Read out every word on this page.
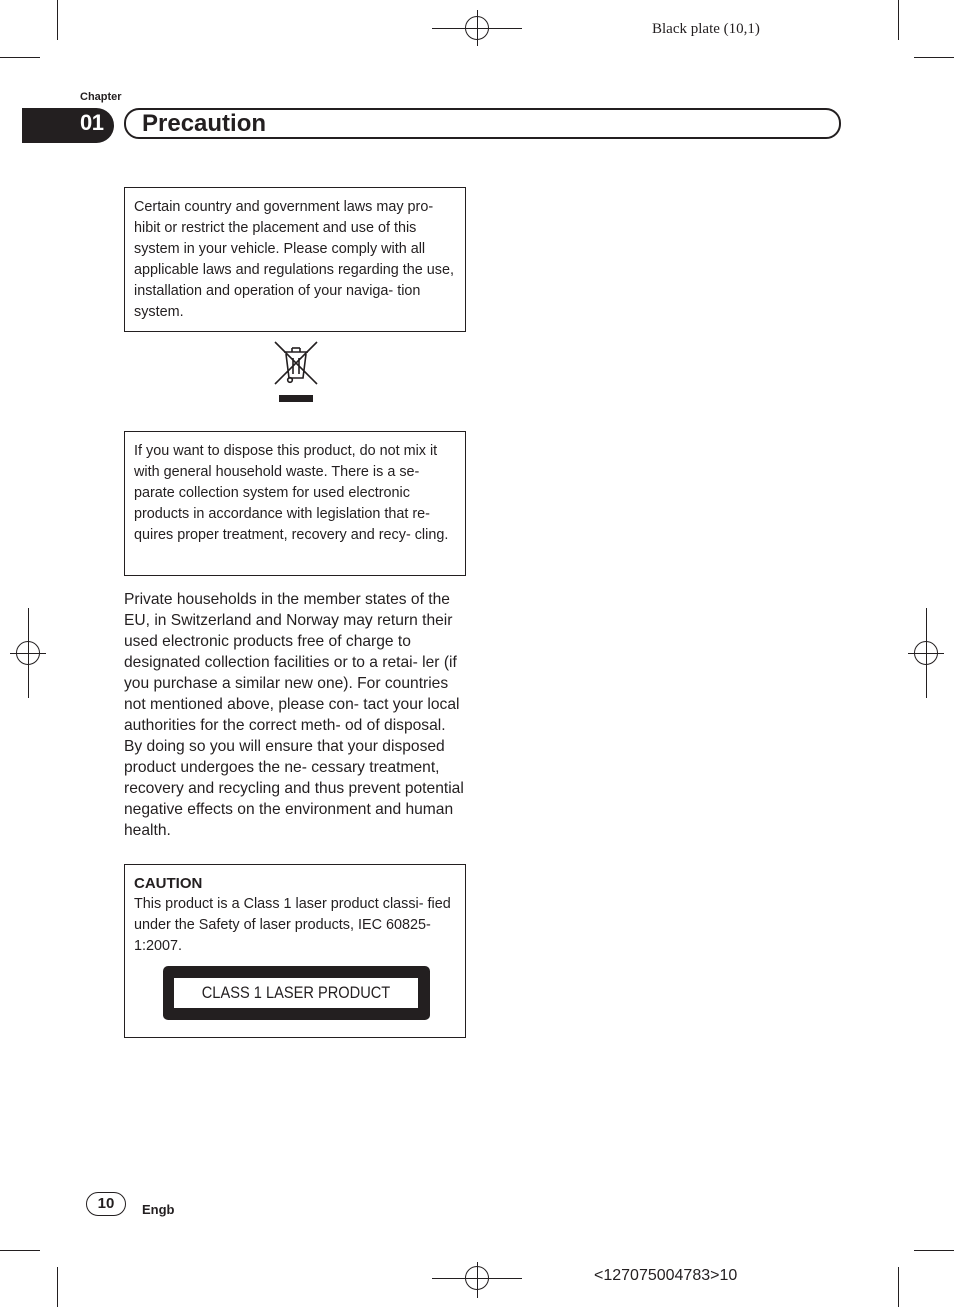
Black plate (10,1)
Chapter
01 Precaution
Certain country and government laws may pro- hibit or restrict the placement and use of this system in your vehicle. Please comply with all applicable laws and regulations regarding the use, installation and operation of your naviga- tion system.
If you want to dispose this product, do not mix it with general household waste. There is a se- parate collection system for used electronic products in accordance with legislation that re- quires proper treatment, recovery and recy- cling.
Private households in the member states of the EU, in Switzerland and Norway may return their used electronic products free of charge to designated collection facilities or to a retai- ler (if you purchase a similar new one). For countries not mentioned above, please con- tact your local authorities for the correct meth- od of disposal. By doing so you will ensure that your disposed product undergoes the ne- cessary treatment, recovery and recycling and thus prevent potential negative effects on the environment and human health.
CAUTION
This product is a Class 1 laser product classi- fied under the Safety of laser products, IEC 60825-1:2007.
CLASS 1 LASER PRODUCT
10	Engb
<127075004783>10
